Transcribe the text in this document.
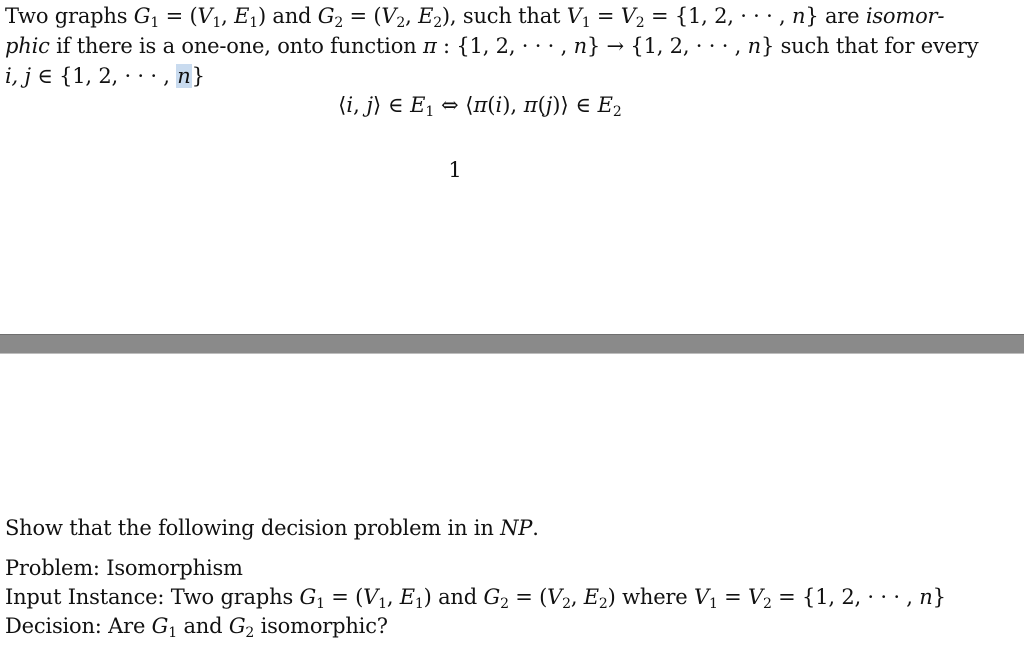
Two graphs $G_1 = (V_1$, $E_1$) and $G_2 = (V_2$, $E_2$), such that $V_1 = V_2 = \{1$, 2, · · · , n} are isomor-
phic if there is a one-one, onto function π : {1, 2, · · · , n} → {1, 2, · · · , n} such that for every
i, j ∈ {1, 2, · · · , n}
⟨i, j⟩ ∈ $E_1$ ⇔ ⟨π(i), π(j)⟩ ∈ $E_2$
1
Show that the following decision problem in in NP.
Problem: Isomorphism
Input Instance: Two graphs $G_1 = (V_1$, $E_1$) and $G_2 = (V_2$, $E_2$) where $V_1 = V_2 = \{1$, 2, · · · , n}
Decision: Are $G_1$ and $G_2$ isomorphic?
